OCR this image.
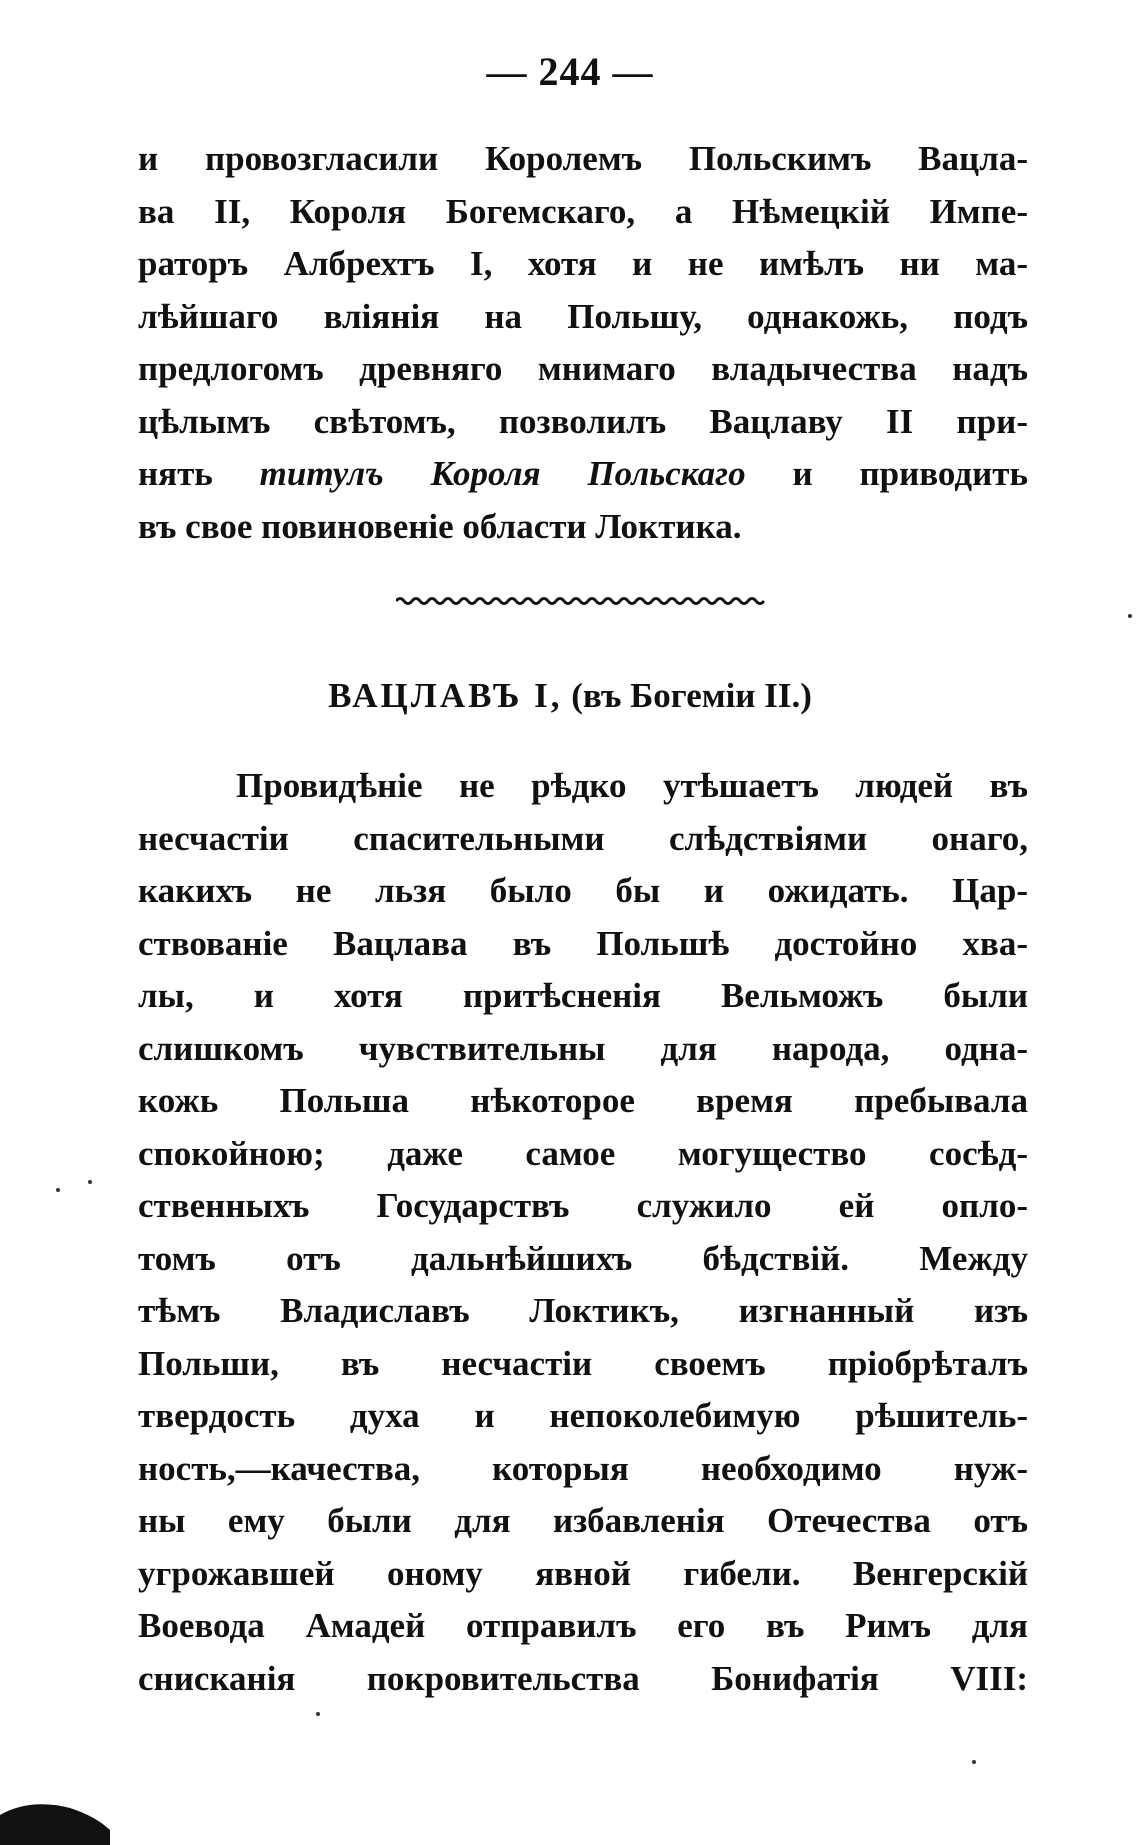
— 244 —
и провозгласили Королемъ Польскимъ Вацла-
ва II, Короля Богемскаго, а Нѣмецкій Импе-
раторъ Албрехтъ I, хотя и не имѣлъ ни ма-
лѣйшаго вліянія на Польшу, однакожь, подъ
предлогомъ древняго мнимаго владычества надъ
цѣлымъ свѣтомъ, позволилъ Вацлаву II при-
нять титулъ Короля Польскаго и приводить
въ свое повиновеніе области Локтика.
ВАЦЛАВЪ I, (въ Богеміи II.)
Провидѣніе не рѣдко утѣшаетъ людей въ
несчастіи спасительными слѣдствіями онаго,
какихъ не льзя было бы и ожидать. Цар-
ствованіе Вацлава въ Польшѣ достойно хва-
лы, и хотя притѣсненія Вельможъ были
слишкомъ чувствительны для народа, одна-
кожь Польша нѣкоторое время пребывала
спокойною; даже самое могущество сосѣд-
ственныхъ Государствъ служило ей опло-
томъ отъ дальнѣйшихъ бѣдствій. Между
тѣмъ Владиславъ Локтикъ, изгнанный изъ
Польши, въ несчастіи своемъ пріобрѣталъ
твердость духа и непоколебимую рѣшитель-
ность,—качества, которыя необходимо нуж-
ны ему были для избавленія Отечества отъ
угрожавшей оному явной гибели. Венгерскій
Воевода Амадей отправилъ его въ Римъ для
снисканія покровительства Бонифатія VIII:
